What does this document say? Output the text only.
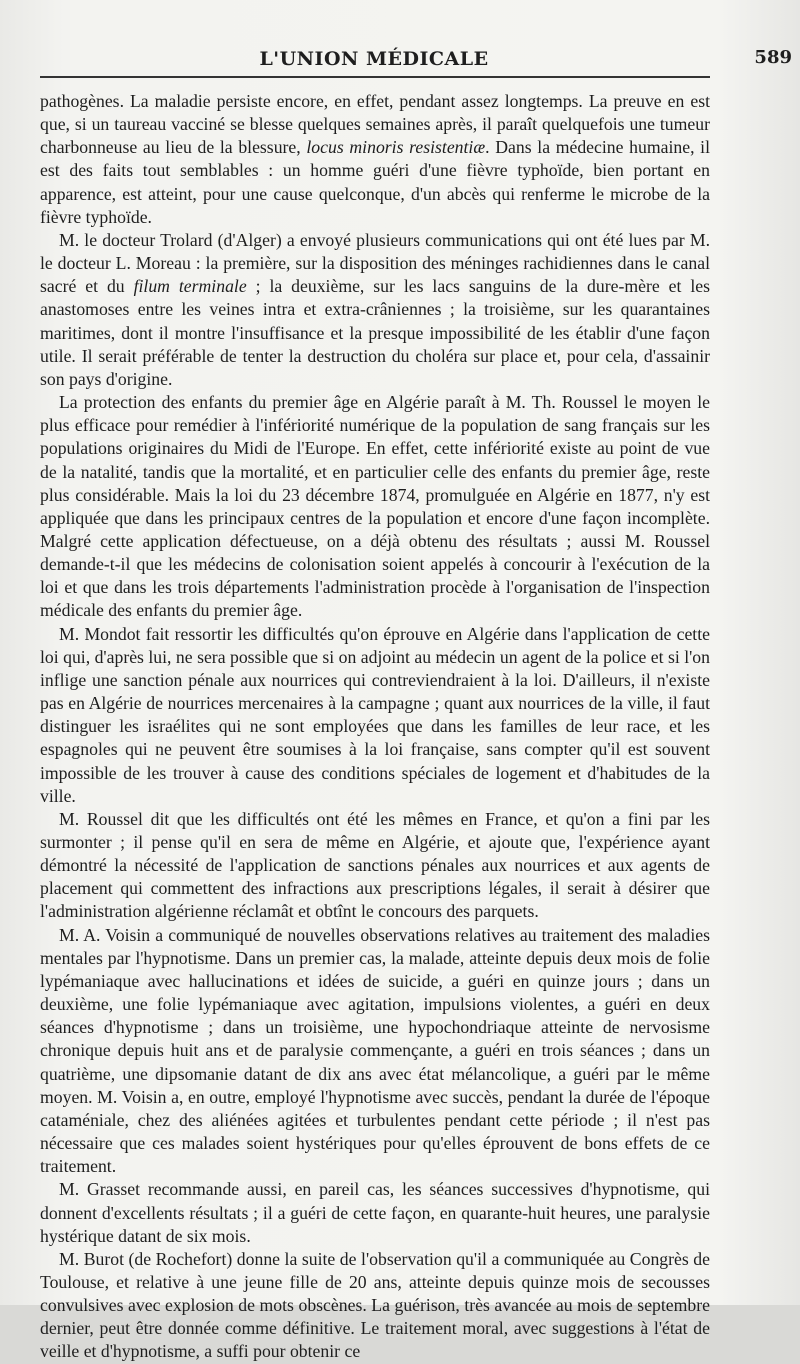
L'UNION MÉDICALE	589

pathogènes. La maladie persiste encore, en effet, pendant assez longtemps. La preuve en est que, si un taureau vacciné se blesse quelques semaines après, il paraît quelquefois une tumeur charbonneuse au lieu de la blessure, locus minoris resistentiæ. Dans la médecine humaine, il est des faits tout semblables : un homme guéri d'une fièvre typhoïde, bien portant en apparence, est atteint, pour une cause quelconque, d'un abcès qui renferme le microbe de la fièvre typhoïde.

M. le docteur Trolard (d'Alger) a envoyé plusieurs communications qui ont été lues par M. le docteur L. Moreau : la première, sur la disposition des méninges rachidiennes dans le canal sacré et du filum terminale ; la deuxième, sur les lacs sanguins de la dure-mère et les anastomoses entre les veines intra et extra-crâniennes ; la troisième, sur les quarantaines maritimes, dont il montre l'insuffisance et la presque impossibilité de les établir d'une façon utile. Il serait préférable de tenter la destruction du choléra sur place et, pour cela, d'assainir son pays d'origine.

La protection des enfants du premier âge en Algérie paraît à M. Th. Roussel le moyen le plus efficace pour remédier à l'infériorité numérique de la population de sang français sur les populations originaires du Midi de l'Europe. En effet, cette infériorité existe au point de vue de la natalité, tandis que la mortalité, et en particulier celle des enfants du premier âge, reste plus considérable. Mais la loi du 23 décembre 1874, promulguée en Algérie en 1877, n'y est appliquée que dans les principaux centres de la population et encore d'une façon incomplète. Malgré cette application défectueuse, on a déjà obtenu des résultats ; aussi M. Roussel demande-t-il que les médecins de colonisation soient appelés à concourir à l'exécution de la loi et que dans les trois départements l'administration procède à l'organisation de l'inspection médicale des enfants du premier âge.

M. Mondot fait ressortir les difficultés qu'on éprouve en Algérie dans l'application de cette loi qui, d'après lui, ne sera possible que si on adjoint au médecin un agent de la police et si l'on inflige une sanction pénale aux nourrices qui contreviendraient à la loi. D'ailleurs, il n'existe pas en Algérie de nourrices mercenaires à la campagne ; quant aux nourrices de la ville, il faut distinguer les israélites qui ne sont employées que dans les familles de leur race, et les espagnoles qui ne peuvent être soumises à la loi française, sans compter qu'il est souvent impossible de les trouver à cause des conditions spéciales de logement et d'habitudes de la ville.

M. Roussel dit que les difficultés ont été les mêmes en France, et qu'on a fini par les surmonter ; il pense qu'il en sera de même en Algérie, et ajoute que, l'expérience ayant démontré la nécessité de l'application de sanctions pénales aux nourrices et aux agents de placement qui commettent des infractions aux prescriptions légales, il serait à désirer que l'administration algérienne réclamât et obtînt le concours des parquets.

M. A. Voisin a communiqué de nouvelles observations relatives au traitement des maladies mentales par l'hypnotisme. Dans un premier cas, la malade, atteinte depuis deux mois de folie lypémaniaque avec hallucinations et idées de suicide, a guéri en quinze jours ; dans un deuxième, une folie lypémaniaque avec agitation, impulsions violentes, a guéri en deux séances d'hypnotisme ; dans un troisième, une hypochondriaque atteinte de nervosisme chronique depuis huit ans et de paralysie commençante, a guéri en trois séances ; dans un quatrième, une dipsomanie datant de dix ans avec état mélancolique, a guéri par le même moyen. M. Voisin a, en outre, employé l'hypnotisme avec succès, pendant la durée de l'époque cataméniale, chez des aliénées agitées et turbulentes pendant cette période ; il n'est pas nécessaire que ces malades soient hystériques pour qu'elles éprouvent de bons effets de ce traitement.

M. Grasset recommande aussi, en pareil cas, les séances successives d'hypnotisme, qui donnent d'excellents résultats ; il a guéri de cette façon, en quarante-huit heures, une paralysie hystérique datant de six mois.

M. Burot (de Rochefort) donne la suite de l'observation qu'il a communiquée au Congrès de Toulouse, et relative à une jeune fille de 20 ans, atteinte depuis quinze mois de secousses convulsives avec explosion de mots obscènes. La guérison, très avancée au mois de septembre dernier, peut être donnée comme définitive. Le traitement moral, avec suggestions à l'état de veille et d'hypnotisme, a suffi pour obtenir ce
